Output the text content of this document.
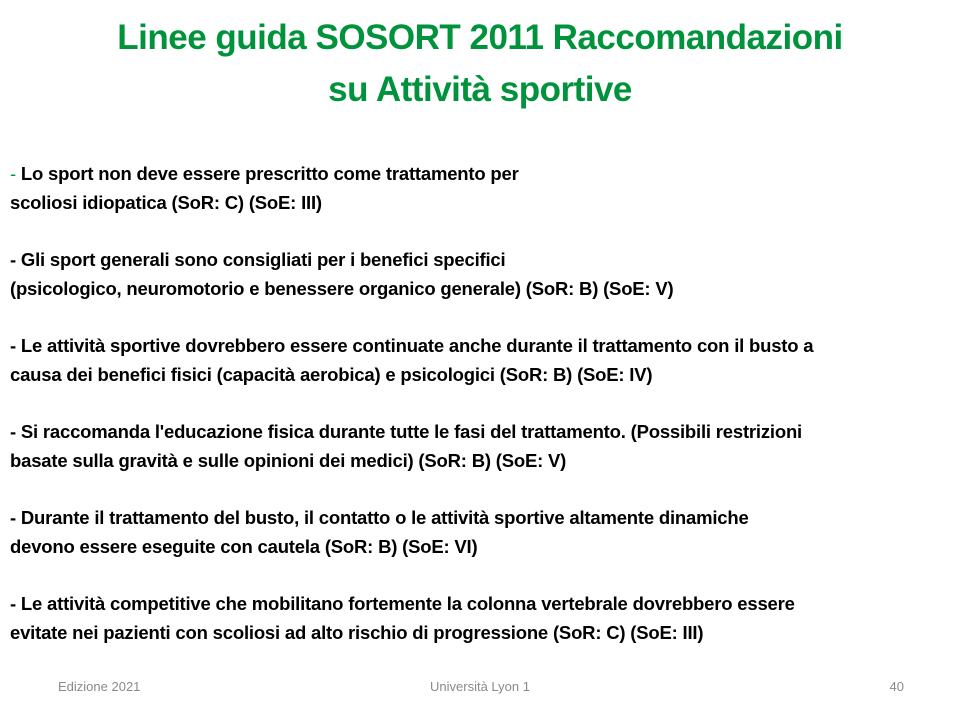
Linee guida SOSORT 2011 Raccomandazioni
su Attività sportive

- Lo sport non deve essere prescritto come trattamento per
scoliosi idiopatica (SoR: C) (SoE: III)

- Gli sport generali sono consigliati per i benefici specifici
(psicologico, neuromotorio e benessere organico generale) (SoR: B) (SoE: V)

- Le attività sportive dovrebbero essere continuate anche durante il trattamento con il busto a
causa dei benefici fisici (capacità aerobica) e psicologici (SoR: B) (SoE: IV)

- Si raccomanda l'educazione fisica durante tutte le fasi del trattamento. (Possibili restrizioni
basate sulla gravità e sulle opinioni dei medici) (SoR: B) (SoE: V)

- Durante il trattamento del busto, il contatto o le attività sportive altamente dinamiche
devono essere eseguite con cautela (SoR: B) (SoE: VI)

- Le attività competitive che mobilitano fortemente la colonna vertebrale dovrebbero essere
evitate nei pazienti con scoliosi ad alto rischio di progressione (SoR: C) (SoE: III)

Edizione 2021	Università Lyon 1	40
